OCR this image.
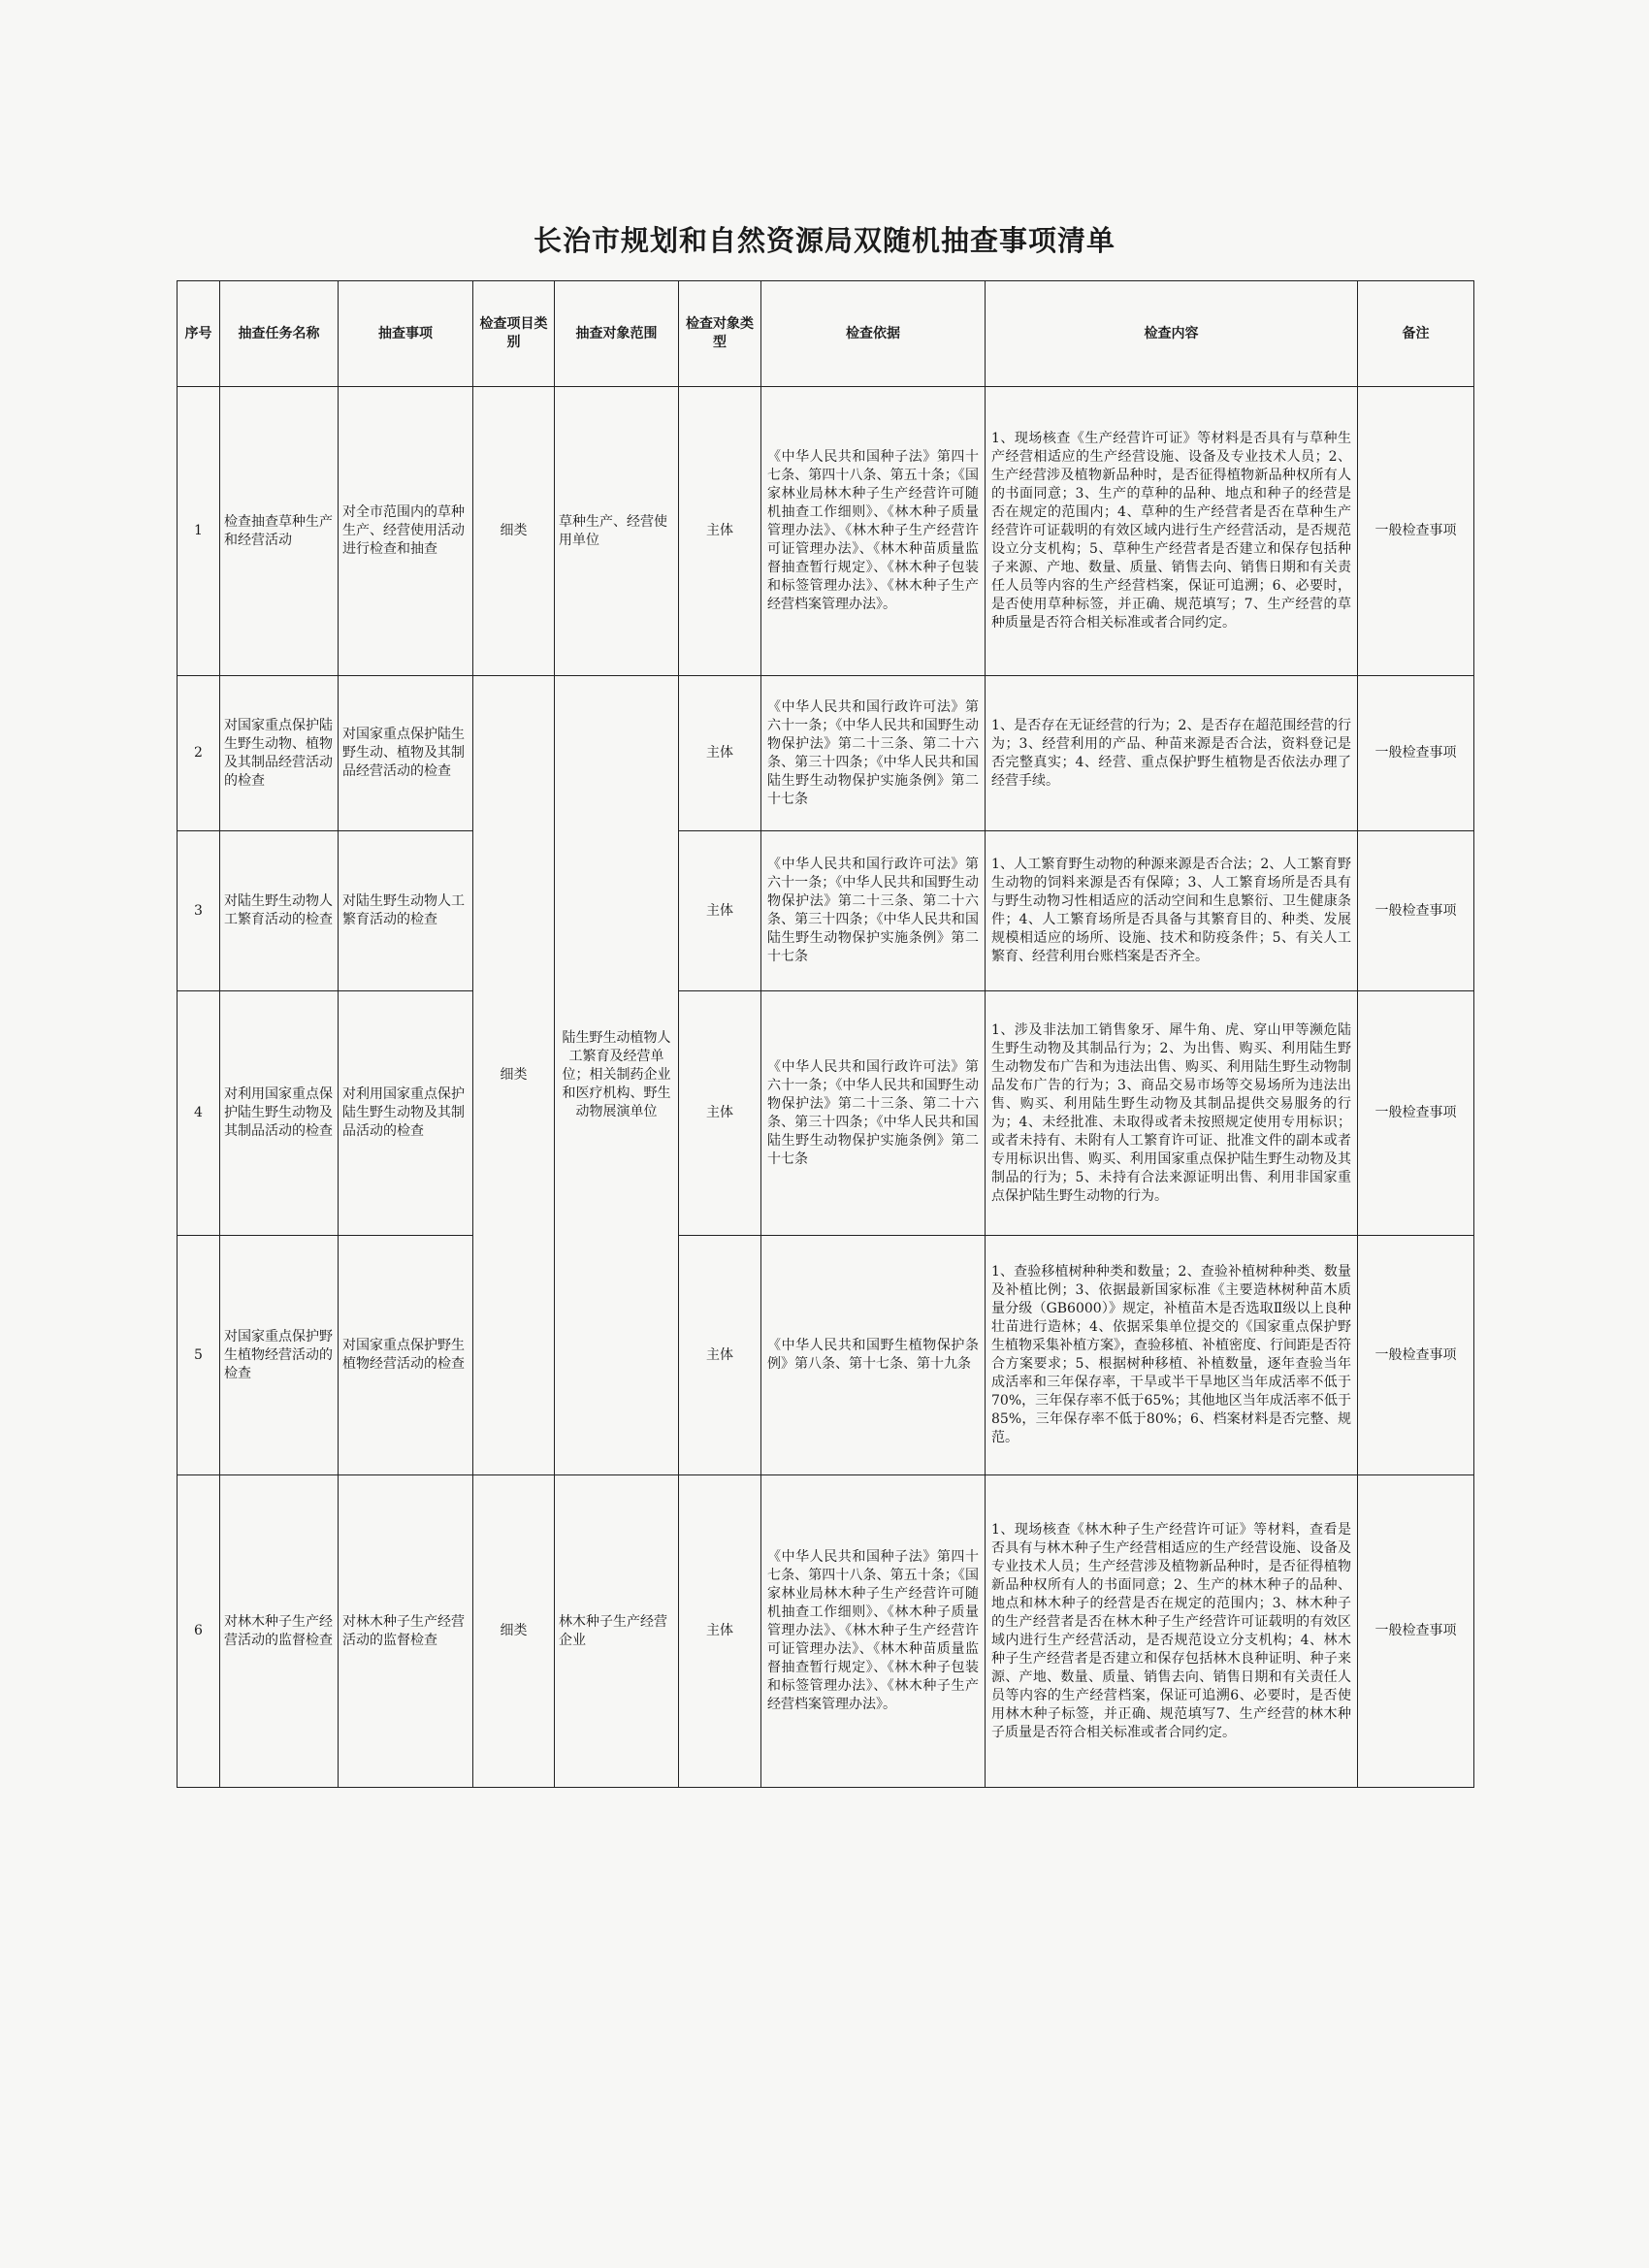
长治市规划和自然资源局双随机抽查事项清单
序号	抽查任务名称	抽查事项	检查项目类别	抽查对象范围	检查对象类型	检查依据	检查内容	备注
1	检查抽查草种生产和经营活动	对全市范围内的草种生产、经营使用活动进行检查和抽查	细类	草种生产、经营使用单位	主体	《中华人民共和国种子法》第四十七条、第四十八条、第五十条；《国家林业局林木种子生产经营许可随机抽查工作细则》、《林木种子质量管理办法》、《林木种子生产经营许可证管理办法》、《林木种苗质量监督抽查暂行规定》、《林木种子包装和标签管理办法》、《林木种子生产经营档案管理办法》。	1、现场核查《生产经营许可证》等材料是否具有与草种生产经营相适应的生产经营设施、设备及专业技术人员；2、生产经营涉及植物新品种时，是否征得植物新品种权所有人的书面同意；3、生产的草种的品种、地点和种子的经营是否在规定的范围内；4、草种的生产经营者是否在草种生产经营许可证载明的有效区域内进行生产经营活动，是否规范设立分支机构；5、草种生产经营者是否建立和保存包括种子来源、产地、数量、质量、销售去向、销售日期和有关责任人员等内容的生产经营档案，保证可追溯；6、必要时，是否使用草种标签，并正确、规范填写；7、生产经营的草种质量是否符合相关标准或者合同约定。	一般检查事项
2	对国家重点保护陆生野生动物、植物及其制品经营活动的检查	对国家重点保护陆生野生动、植物及其制品经营活动的检查	细类	陆生野生动植物人工繁育及经营单位；相关制药企业和医疗机构、野生动物展演单位	主体	《中华人民共和国行政许可法》第六十一条；《中华人民共和国野生动物保护法》第二十三条、第二十六条、第三十四条；《中华人民共和国陆生野生动物保护实施条例》第二十七条	1、是否存在无证经营的行为；2、是否存在超范围经营的行为；3、经营利用的产品、种苗来源是否合法，资料登记是否完整真实；4、经营、重点保护野生植物是否依法办理了经营手续。	一般检查事项
3	对陆生野生动物人工繁育活动的检查	对陆生野生动物人工繁育活动的检查			主体	《中华人民共和国行政许可法》第六十一条；《中华人民共和国野生动物保护法》第二十三条、第二十六条、第三十四条；《中华人民共和国陆生野生动物保护实施条例》第二十七条	1、人工繁育野生动物的种源来源是否合法；2、人工繁育野生动物的饲料来源是否有保障；3、人工繁育场所是否具有与野生动物习性相适应的活动空间和生息繁衍、卫生健康条件；4、人工繁育场所是否具备与其繁育目的、种类、发展规模相适应的场所、设施、技术和防疫条件；5、有关人工繁育、经营利用台账档案是否齐全。	一般检查事项
4	对利用国家重点保护陆生野生动物及其制品活动的检查	对利用国家重点保护陆生野生动物及其制品活动的检查			主体	《中华人民共和国行政许可法》第六十一条；《中华人民共和国野生动物保护法》第二十三条、第二十六条、第三十四条；《中华人民共和国陆生野生动物保护实施条例》第二十七条	1、涉及非法加工销售象牙、犀牛角、虎、穿山甲等濒危陆生野生动物及其制品行为；2、为出售、购买、利用陆生野生动物发布广告和为违法出售、购买、利用陆生野生动物制品发布广告的行为；3、商品交易市场等交易场所为违法出售、购买、利用陆生野生动物及其制品提供交易服务的行为；4、未经批准、未取得或者未按照规定使用专用标识；或者未持有、未附有人工繁育许可证、批准文件的副本或者专用标识出售、购买、利用国家重点保护陆生野生动物及其制品的行为；5、未持有合法来源证明出售、利用非国家重点保护陆生野生动物的行为。	一般检查事项
5	对国家重点保护野生植物经营活动的检查	对国家重点保护野生植物经营活动的检查			主体	《中华人民共和国野生植物保护条例》第八条、第十七条、第十九条	1、查验移植树种种类和数量；2、查验补植树种种类、数量及补植比例；3、依据最新国家标准《主要造林树种苗木质量分级（GB6000）》规定，补植苗木是否选取Ⅱ级以上良种壮苗进行造林；4、依据采集单位提交的《国家重点保护野生植物采集补植方案》，查验移植、补植密度、行间距是否符合方案要求；5、根据树种移植、补植数量，逐年查验当年成活率和三年保存率，干旱或半干旱地区当年成活率不低于70%，三年保存率不低于65%；其他地区当年成活率不低于85%，三年保存率不低于80%；6、档案材料是否完整、规范。	一般检查事项
6	对林木种子生产经营活动的监督检查	对林木种子生产经营活动的监督检查	细类	林木种子生产经营企业	主体	《中华人民共和国种子法》第四十七条、第四十八条、第五十条；《国家林业局林木种子生产经营许可随机抽查工作细则》、《林木种子质量管理办法》、《林木种子生产经营许可证管理办法》、《林木种苗质量监督抽查暂行规定》、《林木种子包装和标签管理办法》、《林木种子生产经营档案管理办法》。	1、现场核查《林木种子生产经营许可证》等材料，查看是否具有与林木种子生产经营相适应的生产经营设施、设备及专业技术人员；生产经营涉及植物新品种时，是否征得植物新品种权所有人的书面同意；2、生产的林木种子的品种、地点和林木种子的经营是否在规定的范围内；3、林木种子的生产经营者是否在林木种子生产经营许可证载明的有效区域内进行生产经营活动，是否规范设立分支机构；4、林木种子生产经营者是否建立和保存包括林木良种证明、种子来源、产地、数量、质量、销售去向、销售日期和有关责任人员等内容的生产经营档案，保证可追溯6、必要时，是否使用林木种子标签，并正确、规范填写7、生产经营的林木种子质量是否符合相关标准或者合同约定。	一般检查事项
